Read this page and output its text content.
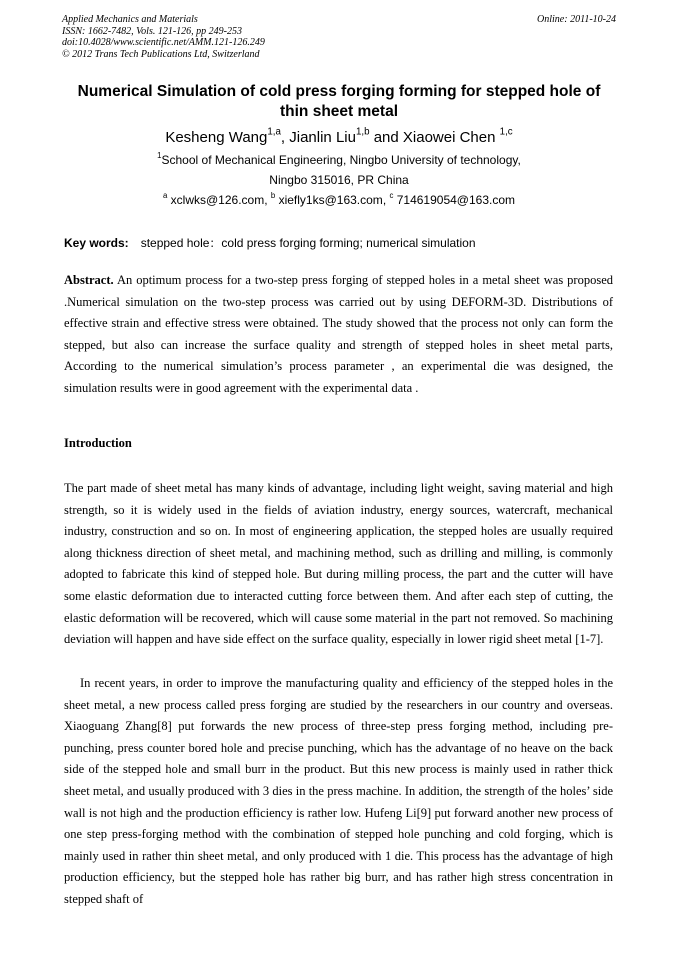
Applied Mechanics and Materials
ISSN: 1662-7482, Vols. 121-126, pp 249-253
doi:10.4028/www.scientific.net/AMM.121-126.249
© 2012 Trans Tech Publications Ltd, Switzerland
Online: 2011-10-24
Numerical Simulation of cold press forging forming for stepped hole of thin sheet metal
Kesheng Wang$^{1,a}$, Jianlin Liu$^{1,b}$ and Xiaowei Chen $^{1,c}$
$^1$School of Mechanical Engineering, Ningbo University of technology,
Ningbo 315016, PR China
$^a$ xclwks@126.com, $^b$ xiefly1ks@163.com, $^c$ 714619054@163.com
Key words: stepped hole：cold press forging forming; numerical simulation

Abstract. An optimum process for a two-step press forging of stepped holes in a metal sheet was proposed .Numerical simulation on the two-step process was carried out by using DEFORM-3D. Distributions of effective strain and effective stress were obtained. The study showed that the process not only can form the stepped, but also can increase the surface quality and strength of stepped holes in sheet metal parts, According to the numerical simulation’s process parameter , an experimental die was designed, the simulation results were in good agreement with the experimental data .

Introduction

The part made of sheet metal has many kinds of advantage, including light weight, saving material and high strength, so it is widely used in the fields of aviation industry, energy sources, watercraft, mechanical industry, construction and so on. In most of engineering application, the stepped holes are usually required along thickness direction of sheet metal, and machining method, such as drilling and milling, is commonly adopted to fabricate this kind of stepped hole. But during milling process, the part and the cutter will have some elastic deformation due to interacted cutting force between them. And after each step of cutting, the elastic deformation will be recovered, which will cause some material in the part not removed. So machining deviation will happen and have side effect on the surface quality, especially in lower rigid sheet metal [1-7].

In recent years, in order to improve the manufacturing quality and efficiency of the stepped holes in the sheet metal, a new process called press forging are studied by the researchers in our country and overseas. Xiaoguang Zhang[8] put forwards the new process of three-step press forging method, including pre-punching, press counter bored hole and precise punching, which has the advantage of no heave on the back side of the stepped hole and small burr in the product. But this new process is mainly used in rather thick sheet metal, and usually produced with 3 dies in the press machine. In addition, the strength of the holes’ side wall is not high and the production efficiency is rather low. Hufeng Li[9] put forward another new process of one step press-forging method with the combination of stepped hole punching and cold forging, which is mainly used in rather thin sheet metal, and only produced with 1 die. This process has the advantage of high production efficiency, but the stepped hole has rather big burr, and has rather high stress concentration in stepped shaft of
